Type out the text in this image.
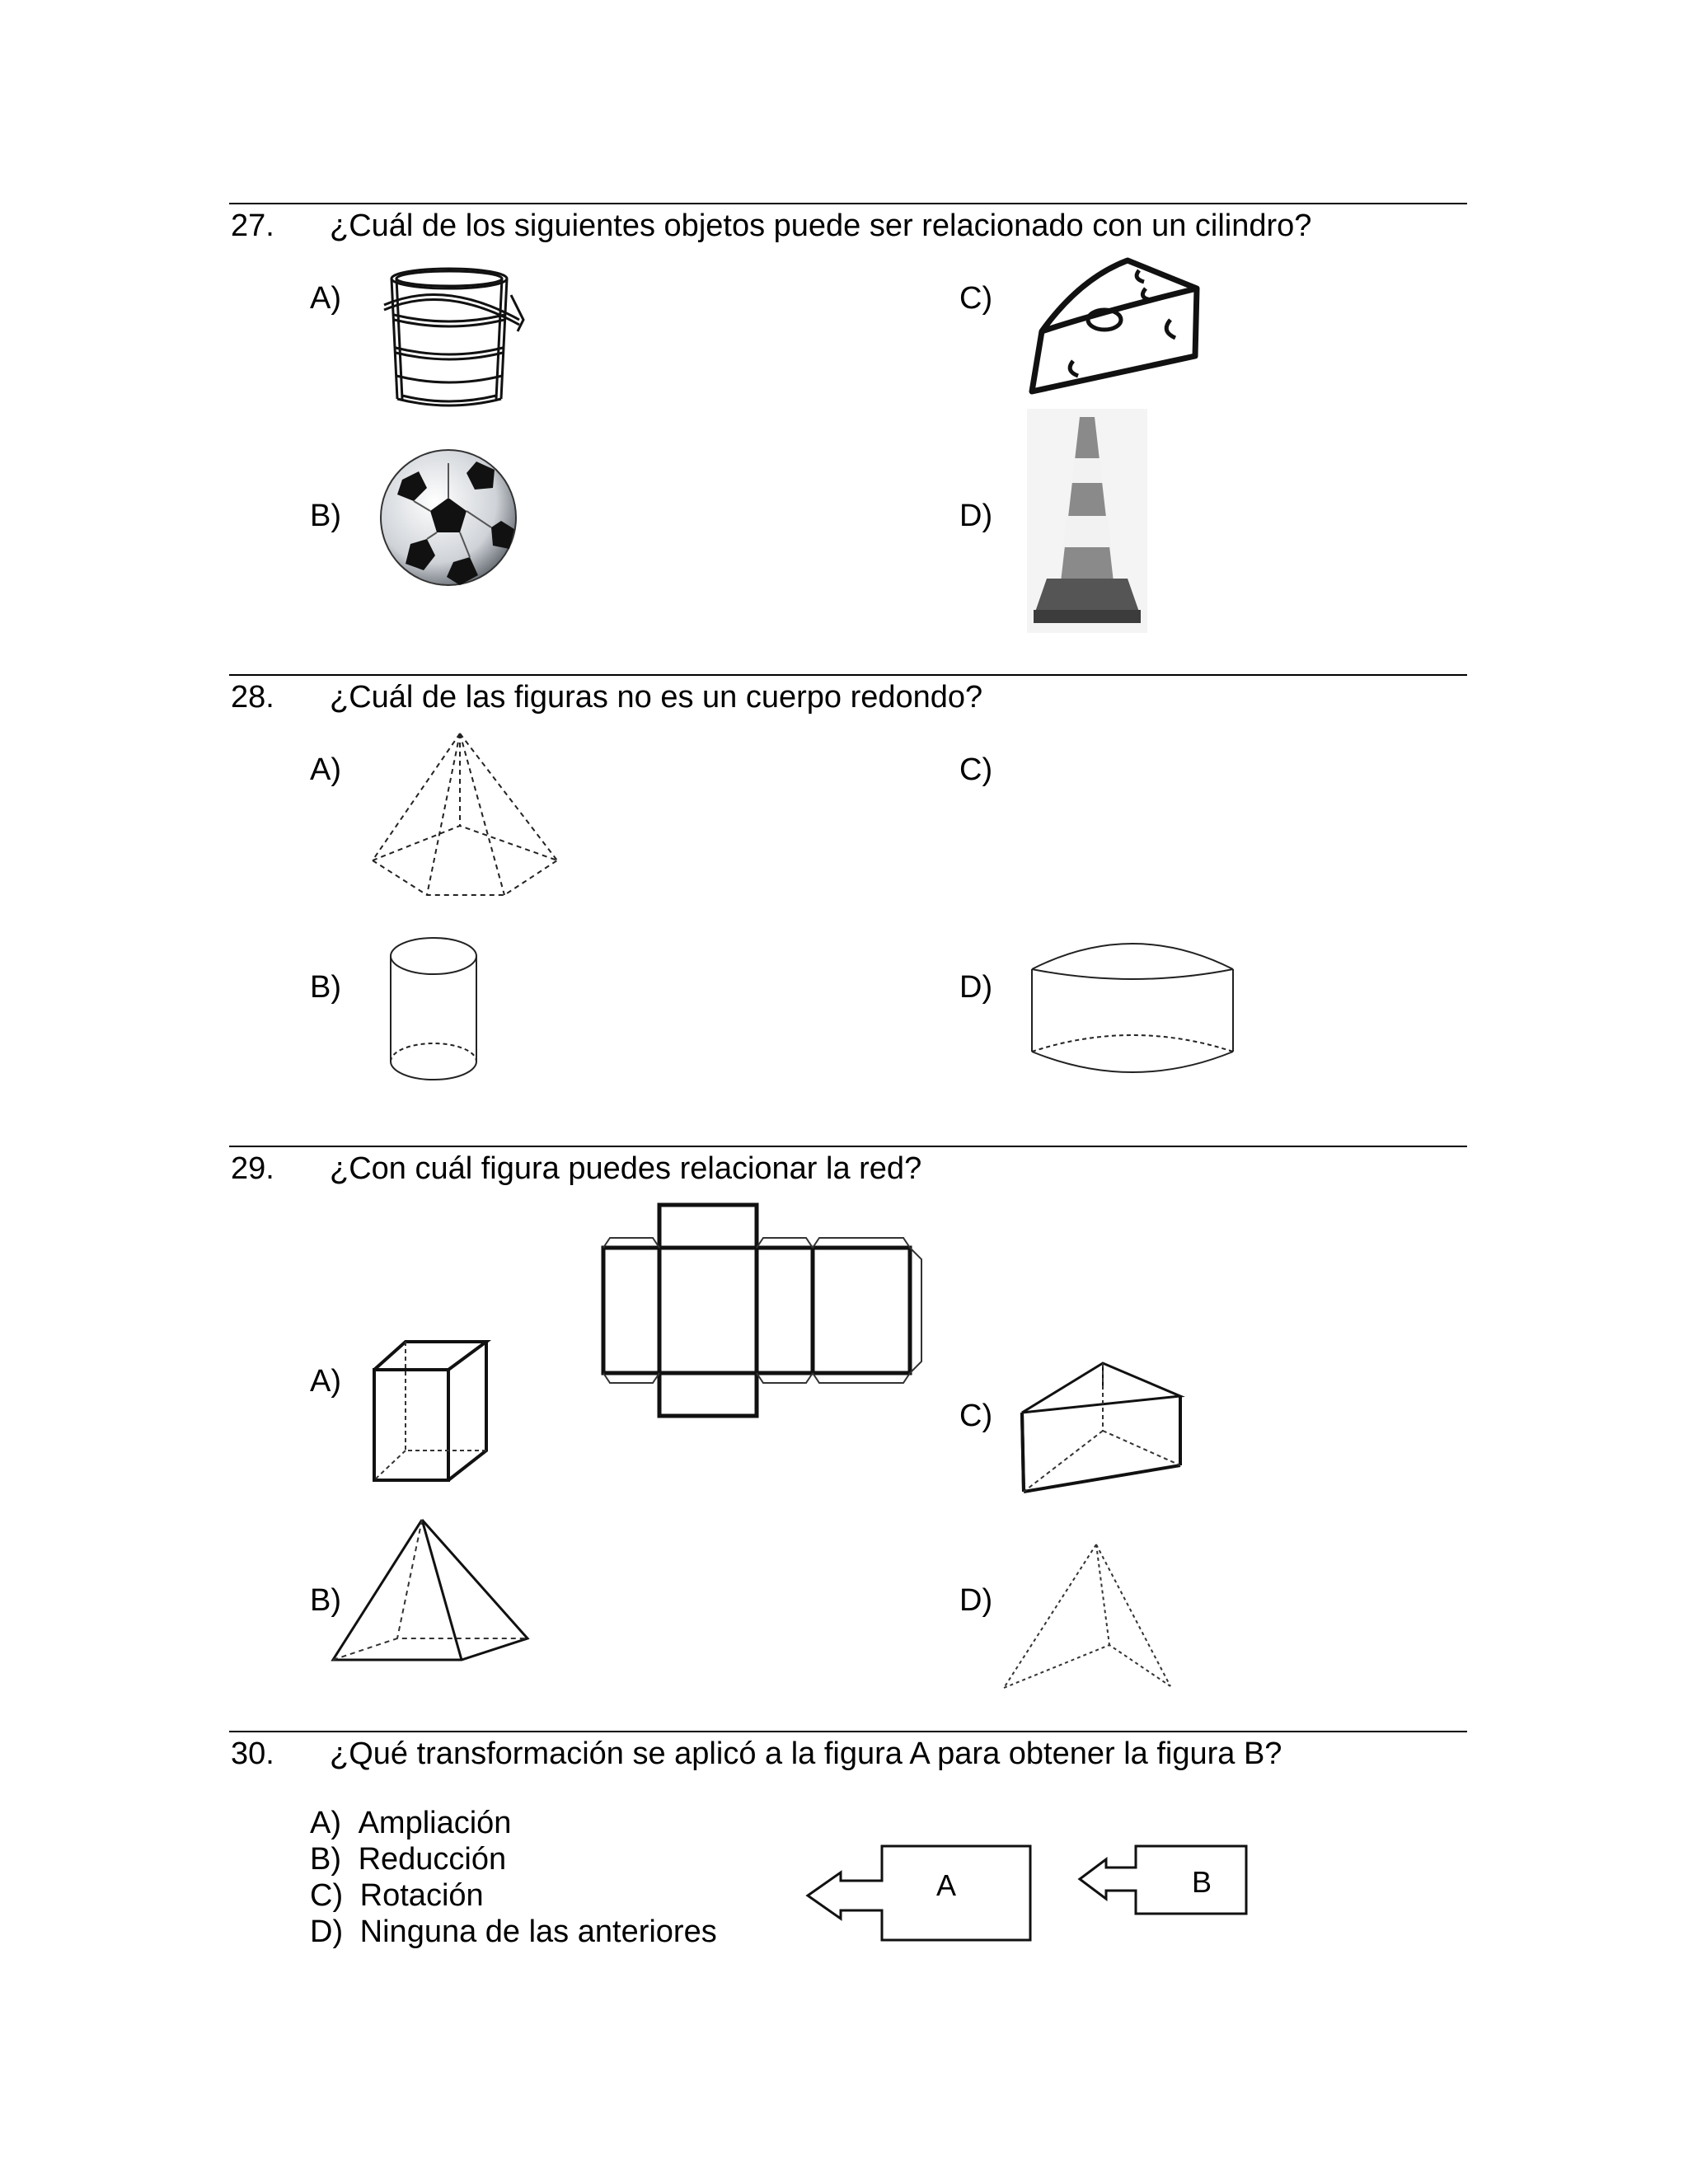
27. ¿Cuál de los siguientes objetos puede ser relacionado con un cilindro?
A)
B)
C)
D)
28. ¿Cuál de las figuras no es un cuerpo redondo?
A)	C)
B)	D)
29. ¿Con cuál figura puedes relacionar la red?
A)
C)
B)	D)
30. ¿Qué transformación se aplicó a la figura A para obtener la figura B?
A) Ampliación
B) Reducción
C) Rotación
D) Ninguna de las anteriores
A	B
